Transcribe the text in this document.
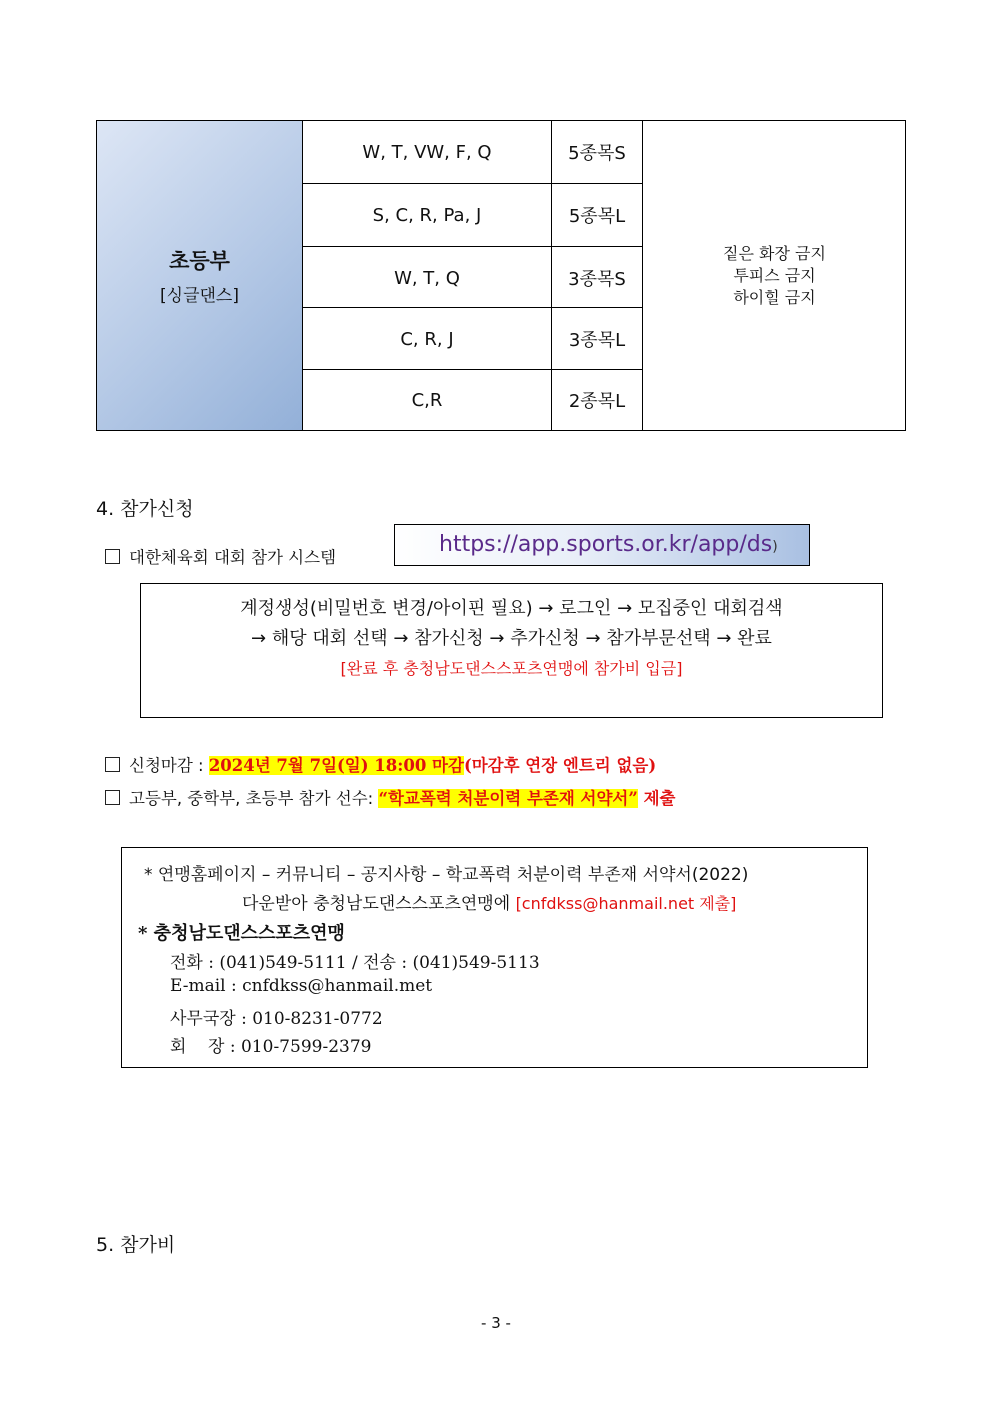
초등부
[싱글댄스]
W, T, VW, F, Q	5종목S
S, C, R, Pa, J	5종목L
W, T, Q	3종목S
C, R, J	3종목L
C,R	2종목L
짙은 화장 금지
투피스 금지
하이힐 금지
4. 참가신청
대한체육회 대회 참가 시스템
https://app.sports.or.kr/app/ds)
계정생성(비밀번호 변경/아이핀 필요) → 로그인 → 모집중인 대회검색
→ 해당 대회 선택 → 참가신청 → 추가신청 → 참가부문선택 → 완료
[완료 후 충청남도댄스스포츠연맹에 참가비 입금]
신청마감 : 2024년 7월 7일(일) 18:00 마감(마감후 연장 엔트리 없음)
고등부, 중학부, 초등부 참가 선수: “학교폭력 처분이력 부존재 서약서” 제출
* 연맹홈페이지 – 커뮤니티 – 공지사항 – 학교폭력 처분이력 부존재 서약서(2022)
다운받아 충청남도댄스스포츠연맹에 [cnfdkss@hanmail.net 제출]
* 충청남도댄스스포츠연맹
전화 : (041)549-5111 / 전송 : (041)549-5113
E-mail : cnfdkss@hanmail.met
사무국장 : 010-8231-0772
회    장 : 010-7599-2379
5. 참가비
- 3 -
